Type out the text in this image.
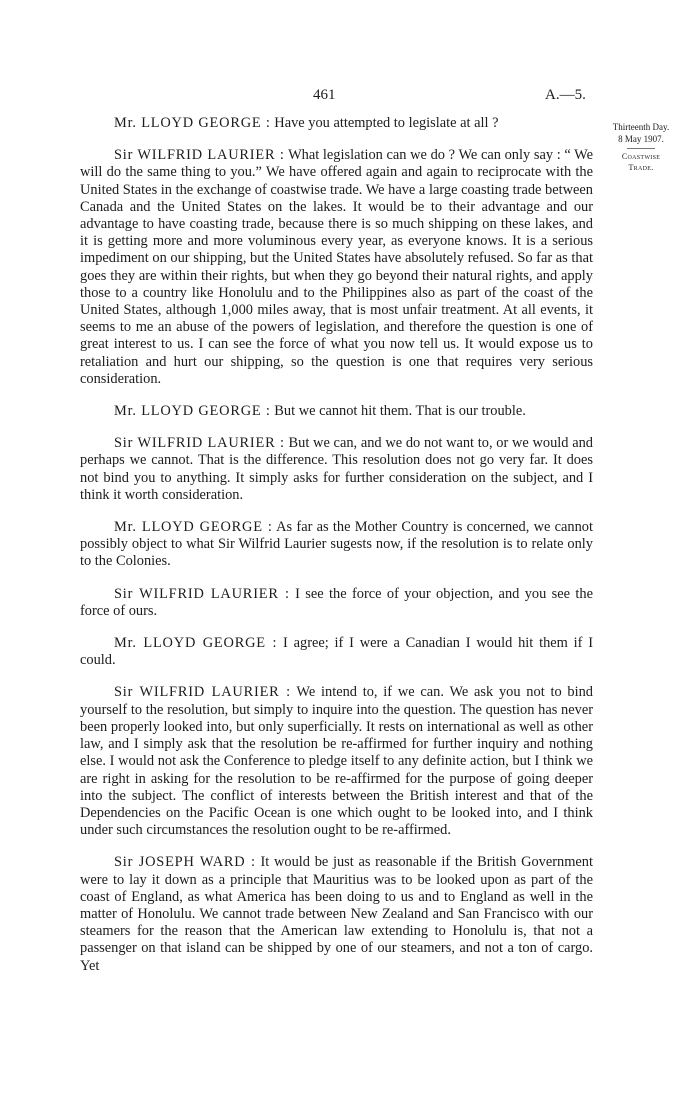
461	A.—5.
Thirteenth Day.
8 May 1907.
Coastwise
Trade.

Mr. LLOYD GEORGE : Have you attempted to legislate at all ?

Sir WILFRID LAURIER : What legislation can we do ? We can only say : “ We will do the same thing to you.” We have offered again and again to reciprocate with the United States in the exchange of coastwise trade. We have a large coasting trade between Canada and the United States on the lakes. It would be to their advantage and our advantage to have coasting trade, because there is so much shipping on these lakes, and it is getting more and more voluminous every year, as everyone knows. It is a serious impediment on our shipping, but the United States have absolutely refused. So far as that goes they are within their rights, but when they go beyond their natural rights, and apply those to a country like Honolulu and to the Philippines also as part of the coast of the United States, although 1,000 miles away, that is most unfair treatment. At all events, it seems to me an abuse of the powers of legislation, and therefore the question is one of great interest to us. I can see the force of what you now tell us. It would expose us to retaliation and hurt our shipping, so the question is one that requires very serious consideration.

Mr. LLOYD GEORGE : But we cannot hit them. That is our trouble.

Sir WILFRID LAURIER : But we can, and we do not want to, or we would and perhaps we cannot. That is the difference. This resolution does not go very far. It does not bind you to anything. It simply asks for further consideration on the subject, and I think it worth consideration.

Mr. LLOYD GEORGE : As far as the Mother Country is concerned, we cannot possibly object to what Sir Wilfrid Laurier sugests now, if the resolution is to relate only to the Colonies.

Sir WILFRID LAURIER : I see the force of your objection, and you see the force of ours.

Mr. LLOYD GEORGE : I agree; if I were a Canadian I would hit them if I could.

Sir WILFRID LAURIER : We intend to, if we can. We ask you not to bind yourself to the resolution, but simply to inquire into the question. The question has never been properly looked into, but only superficially. It rests on international as well as other law, and I simply ask that the resolution be re-affirmed for further inquiry and nothing else. I would not ask the Conference to pledge itself to any definite action, but I think we are right in asking for the resolution to be re-affirmed for the purpose of going deeper into the subject. The conflict of interests between the British interest and that of the Dependencies on the Pacific Ocean is one which ought to be looked into, and I think under such circumstances the resolution ought to be re-affirmed.

Sir JOSEPH WARD : It would be just as reasonable if the British Government were to lay it down as a principle that Mauritius was to be looked upon as part of the coast of England, as what America has been doing to us and to England as well in the matter of Honolulu. We cannot trade between New Zealand and San Francisco with our steamers for the reason that the American law extending to Honolulu is, that not a passenger on that island can be shipped by one of our steamers, and not a ton of cargo. Yet
